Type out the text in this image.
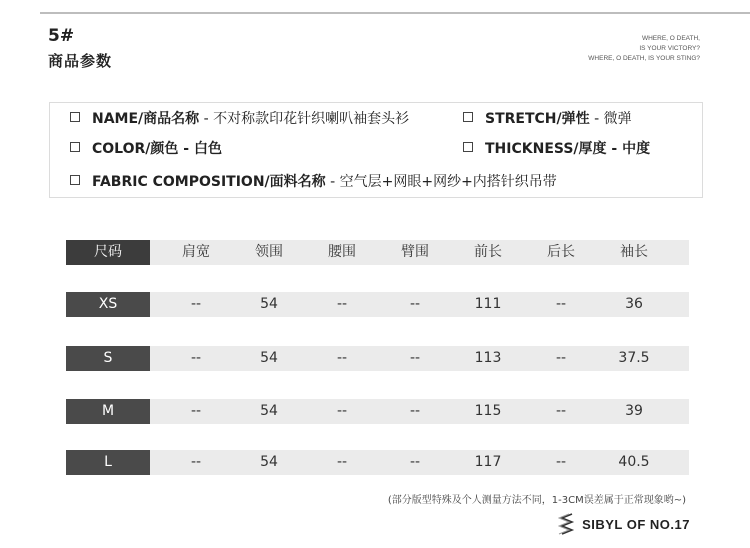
5#
商品参数
WHERE, O DEATH,
IS YOUR VICTORY?
WHERE, O DEATH, IS YOUR STING?
NAME/商品名称 - 不对称款印花针织喇叭袖套头衫	STRETCH/弹性 - 微弹
COLOR/颜色 - 白色	THICKNESS/厚度 - 中度
FABRIC COMPOSITION/面料名称 - 空气层+网眼+网纱+内搭针织吊带
尺码	肩宽	领围	腰围	臂围	前长	后长	袖长
XS	--	54	--	--	111	--	36
S	--	54	--	--	113	--	37.5
M	--	54	--	--	115	--	39
L	--	54	--	--	117	--	40.5
(部分版型特殊及个人测量方法不同，1-3CM误差属于正常现象哟~)
SIBYL OF NO.17
